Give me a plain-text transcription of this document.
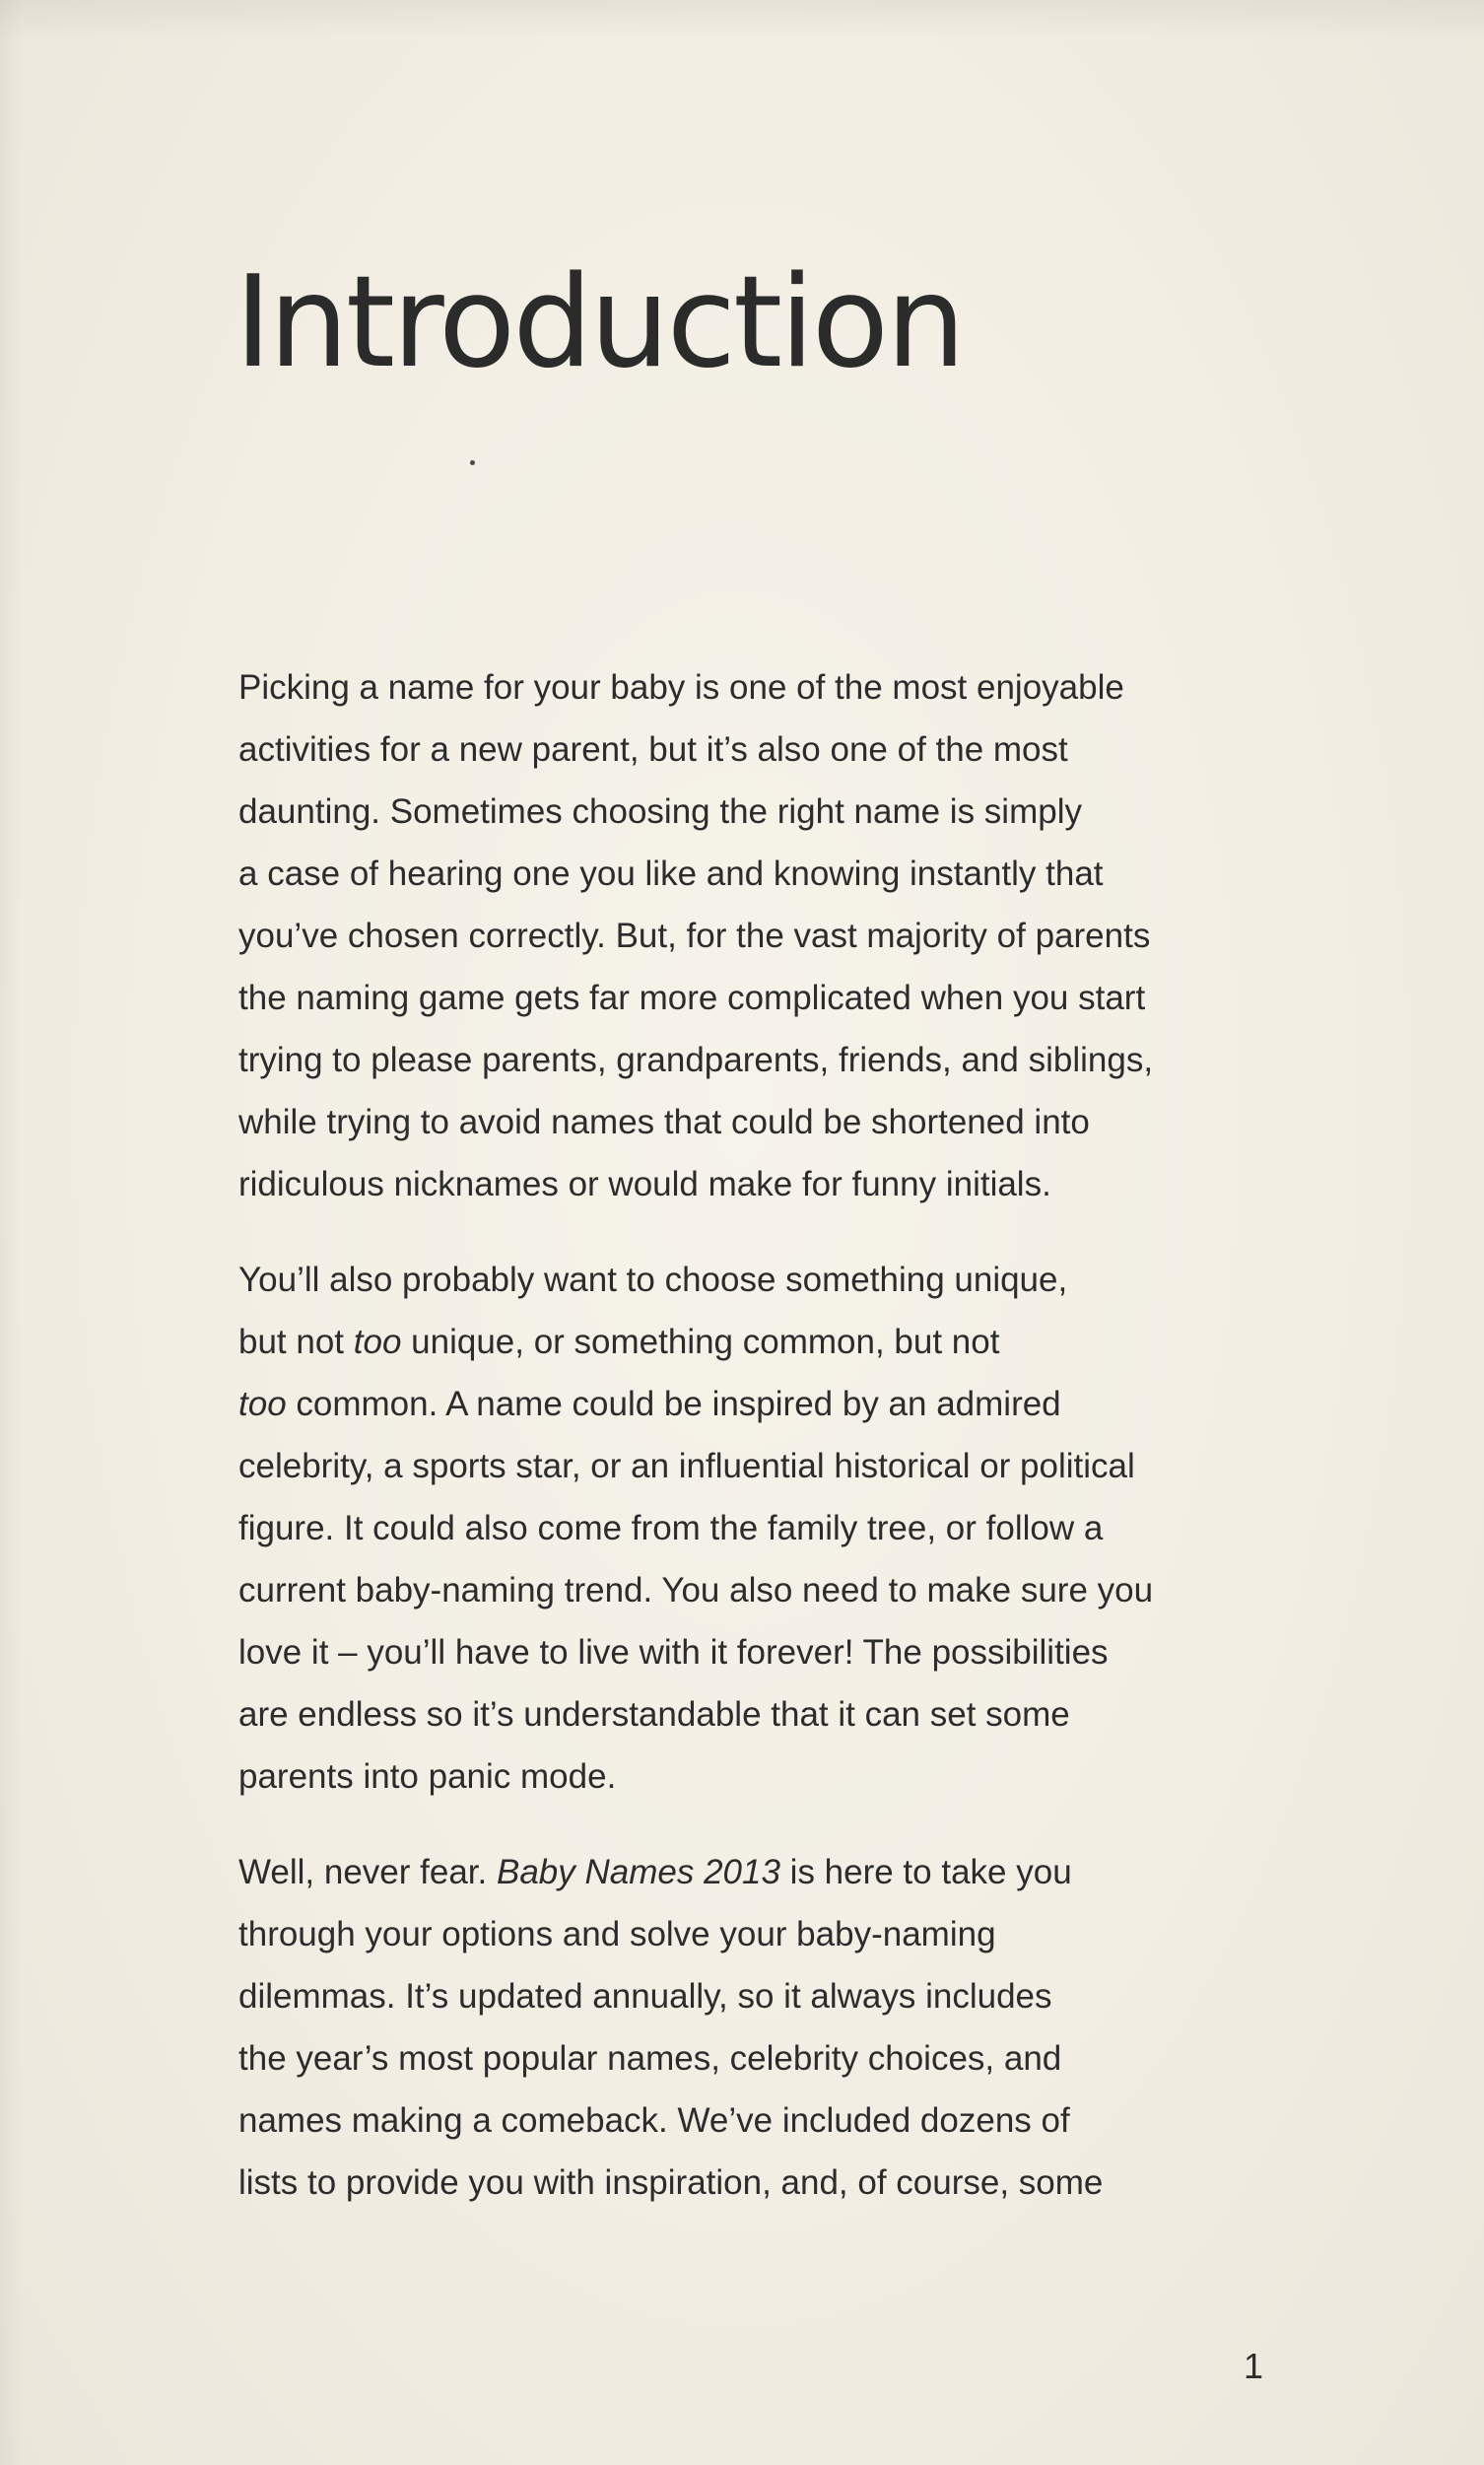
Introduction

Picking a name for your baby is one of the most enjoyable
activities for a new parent, but it’s also one of the most
daunting. Sometimes choosing the right name is simply
a case of hearing one you like and knowing instantly that
you’ve chosen correctly. But, for the vast majority of parents
the naming game gets far more complicated when you start
trying to please parents, grandparents, friends, and siblings,
while trying to avoid names that could be shortened into
ridiculous nicknames or would make for funny initials.

You’ll also probably want to choose something unique,
but not too unique, or something common, but not
too common. A name could be inspired by an admired
celebrity, a sports star, or an influential historical or political
figure. It could also come from the family tree, or follow a
current baby-naming trend. You also need to make sure you
love it – you’ll have to live with it forever! The possibilities
are endless so it’s understandable that it can set some
parents into panic mode.

Well, never fear. Baby Names 2013 is here to take you
through your options and solve your baby-naming
dilemmas. It’s updated annually, so it always includes
the year’s most popular names, celebrity choices, and
names making a comeback. We’ve included dozens of
lists to provide you with inspiration, and, of course, some

1
